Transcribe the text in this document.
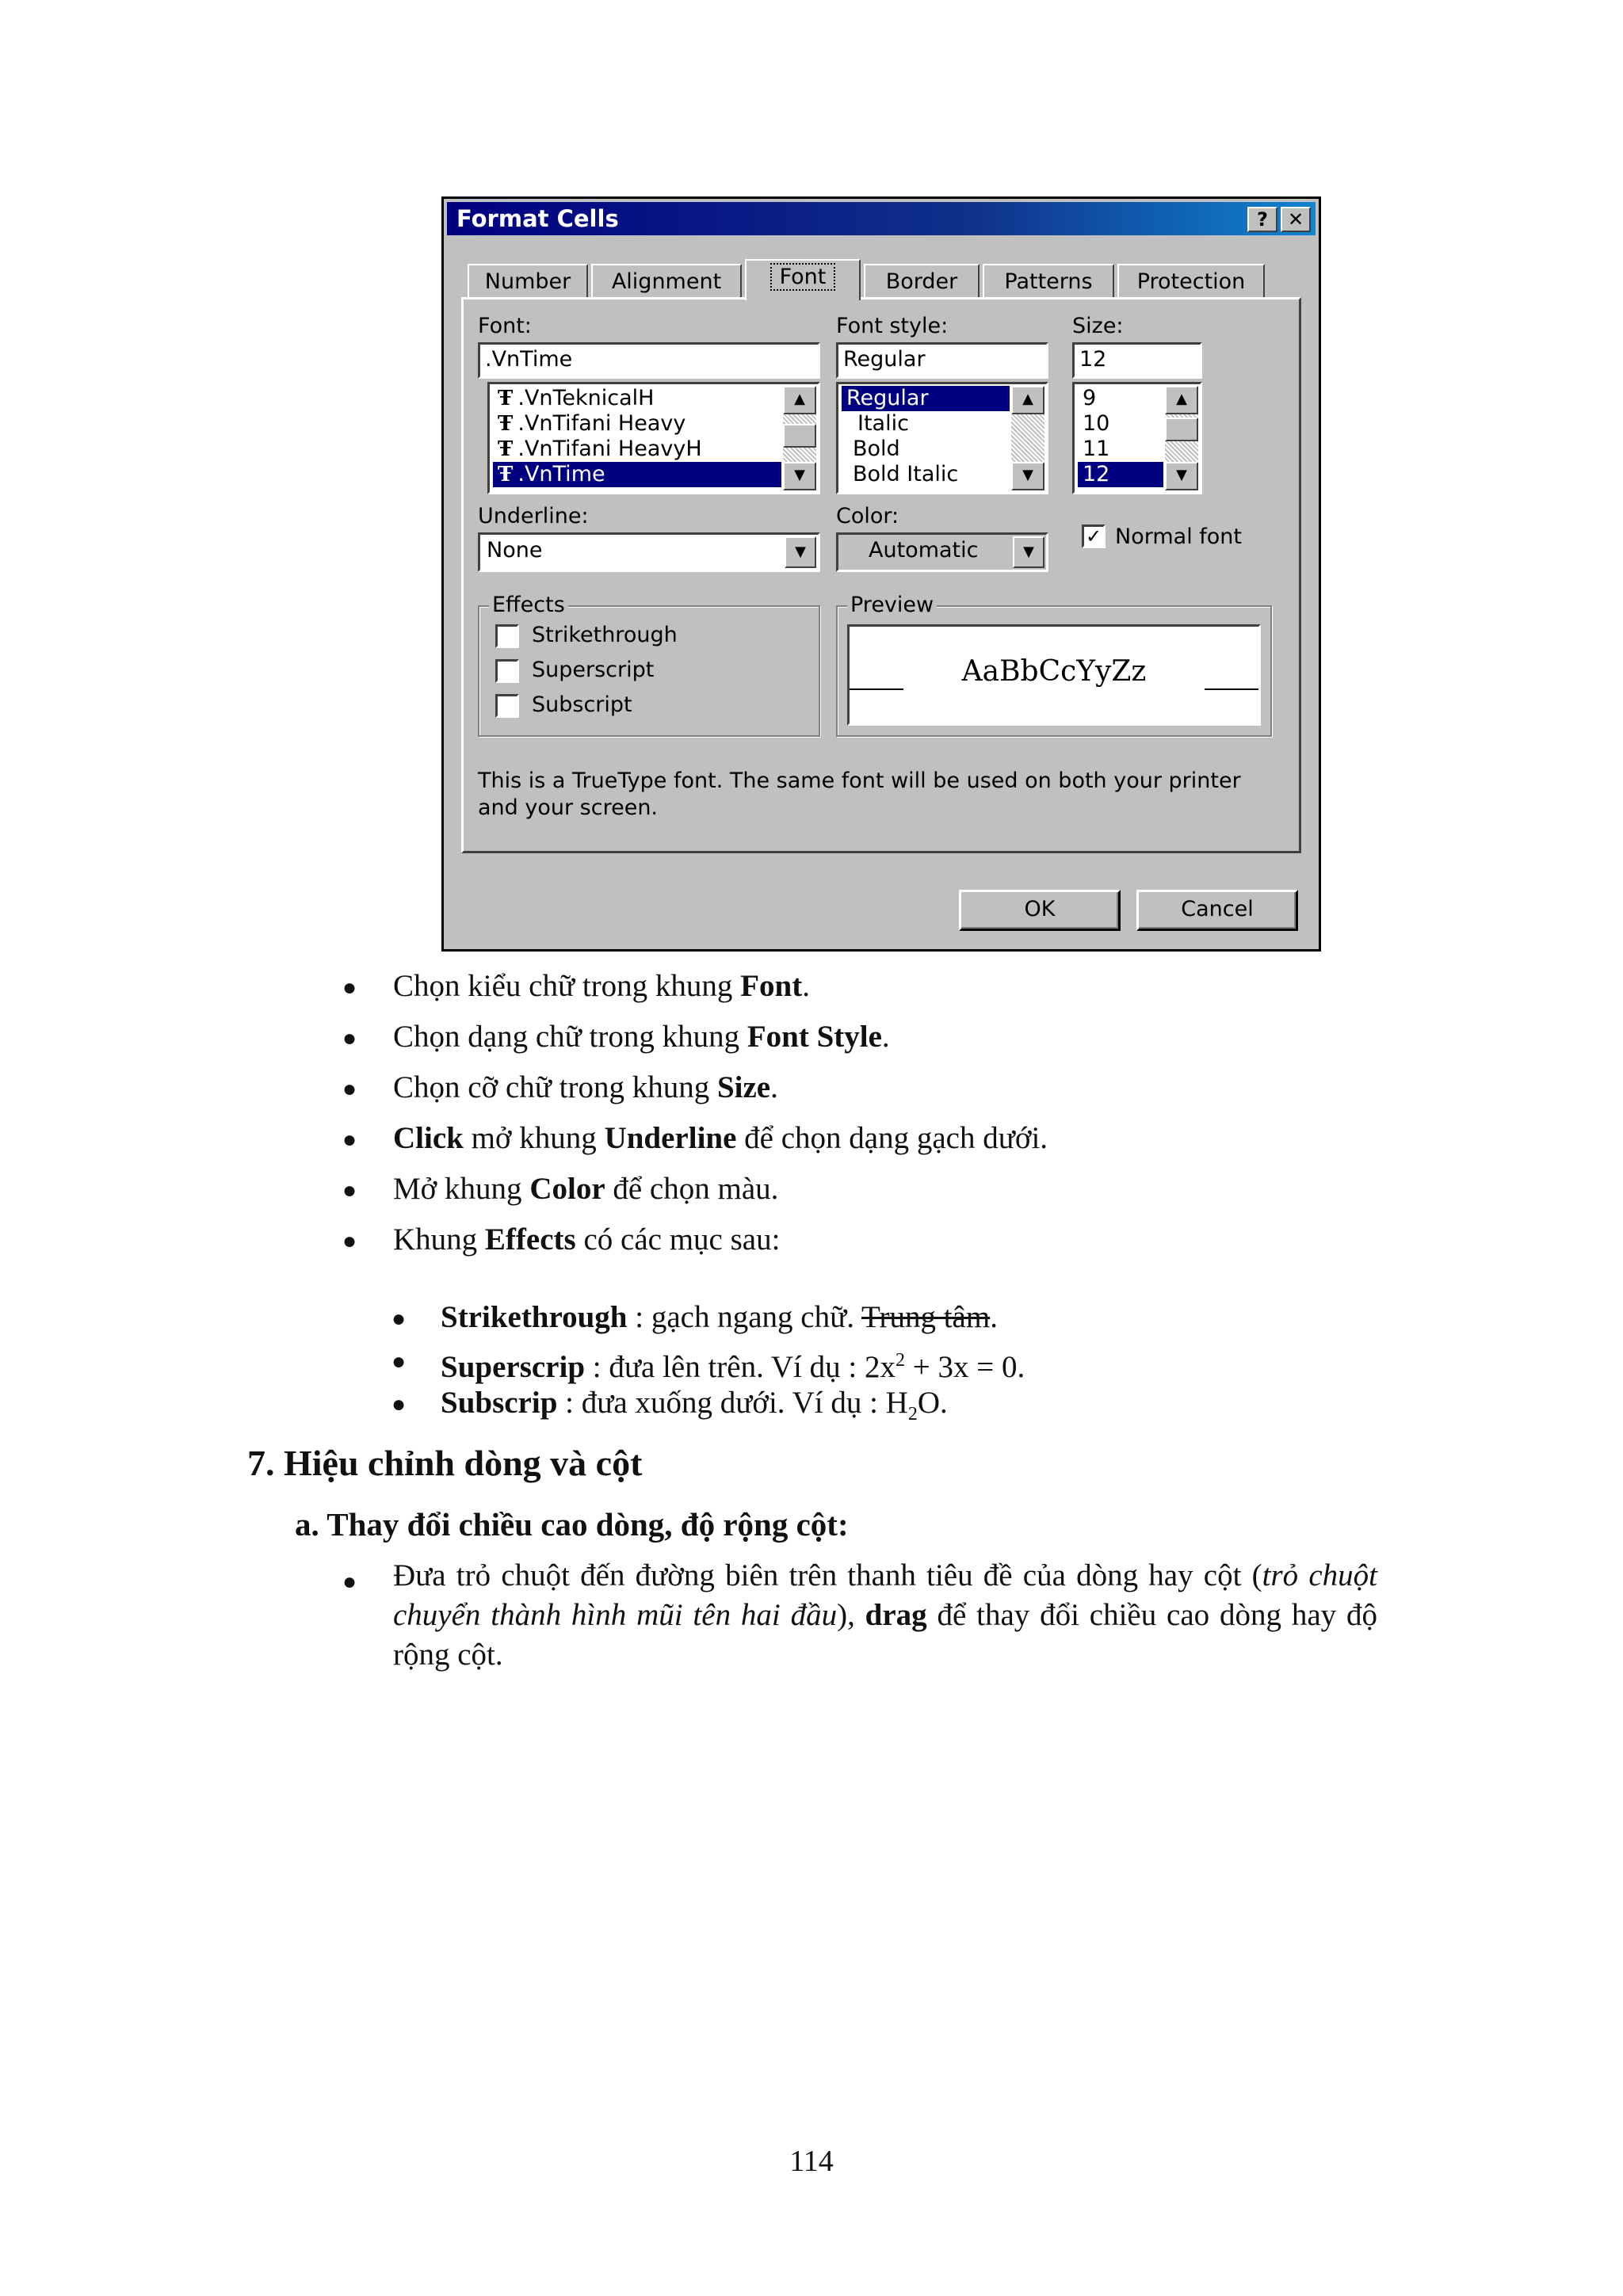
Format Cells	?	✕
Number	Alignment	Font	Border	Patterns	Protection
Font:
.VnTime
Ŧ .VnTeknicalH
Ŧ .VnTifani Heavy
Ŧ .VnTifani HeavyH
Ŧ .VnTime
▲
▼
Font style:
Regular
Regular
Italic
Bold
Bold Italic
▲
▼
Size:
12
9
10
11
12
▲
▼
Underline:
None	▼
Color:
Automatic	▼
✓ Normal font
Effects
Strikethrough
Superscript
Subscript
Preview
AaBbCcYyZz
This is a TrueType font. The same font will be used on both your printer
and your screen.
OK	Cancel
● Chọn kiểu chữ trong khung Font.
● Chọn dạng chữ trong khung Font Style.
● Chọn cỡ chữ trong khung Size.
● Click mở khung Underline để chọn dạng gạch dưới.
● Mở khung Color để chọn màu.
● Khung Effects có các mục sau:
● Strikethrough : gạch ngang chữ. Trung tâm.
● Superscrip : đưa lên trên. Ví dụ : $2x^2 + 3x = 0$.
● Subscrip : đưa xuống dưới. Ví dụ : $H_2O$.
7. Hiệu chỉnh dòng và cột
a. Thay đổi chiều cao dòng, độ rộng cột:
● Đưa trỏ chuột đến đường biên trên thanh tiêu đề của dòng hay cột (trỏ chuột chuyển thành hình mũi tên hai đầu), drag để thay đổi chiều cao dòng hay độ rộng cột.
114
